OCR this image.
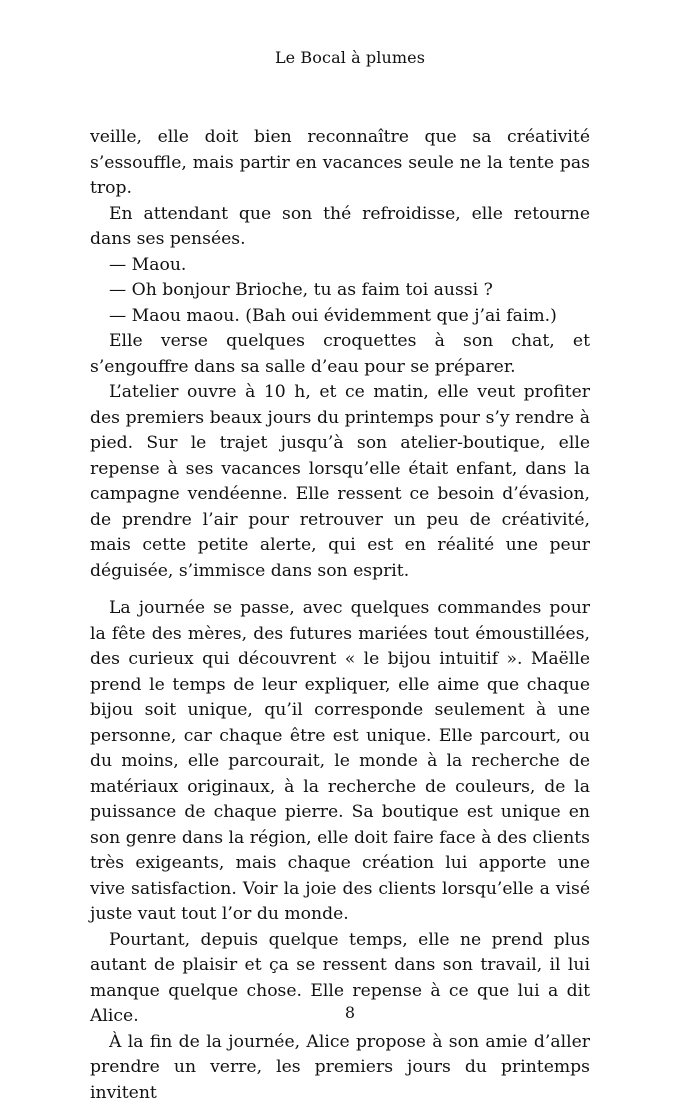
Le Bocal à plumes

veille, elle doit bien reconnaître que sa créativité s’essouffle, mais partir en vacances seule ne la tente pas trop.

En attendant que son thé refroidisse, elle retourne dans ses pensées.

— Maou.

— Oh bonjour Brioche, tu as faim toi aussi ?

— Maou maou. (Bah oui évidemment que j’ai faim.)

Elle verse quelques croquettes à son chat, et s’engouffre dans sa salle d’eau pour se préparer.

L’atelier ouvre à 10 h, et ce matin, elle veut profiter des premiers beaux jours du printemps pour s’y rendre à pied. Sur le trajet jusqu’à son atelier-boutique, elle repense à ses vacances lorsqu’elle était enfant, dans la campagne vendéenne. Elle ressent ce besoin d’évasion, de prendre l’air pour retrouver un peu de créativité, mais cette petite alerte, qui est en réalité une peur déguisée, s’immisce dans son esprit.

La journée se passe, avec quelques commandes pour la fête des mères, des futures mariées tout émoustillées, des curieux qui découvrent « le bijou intuitif ». Maëlle prend le temps de leur expliquer, elle aime que chaque bijou soit unique, qu’il corresponde seulement à une personne, car chaque être est unique. Elle parcourt, ou du moins, elle parcourait, le monde à la recherche de matériaux originaux, à la recherche de couleurs, de la puissance de chaque pierre. Sa boutique est unique en son genre dans la région, elle doit faire face à des clients très exigeants, mais chaque création lui apporte une vive satisfaction. Voir la joie des clients lorsqu’elle a visé juste vaut tout l’or du monde.

Pourtant, depuis quelque temps, elle ne prend plus autant de plaisir et ça se ressent dans son travail, il lui manque quelque chose. Elle repense à ce que lui a dit Alice.

À la fin de la journée, Alice propose à son amie d’aller prendre un verre, les premiers jours du printemps invitent

8
